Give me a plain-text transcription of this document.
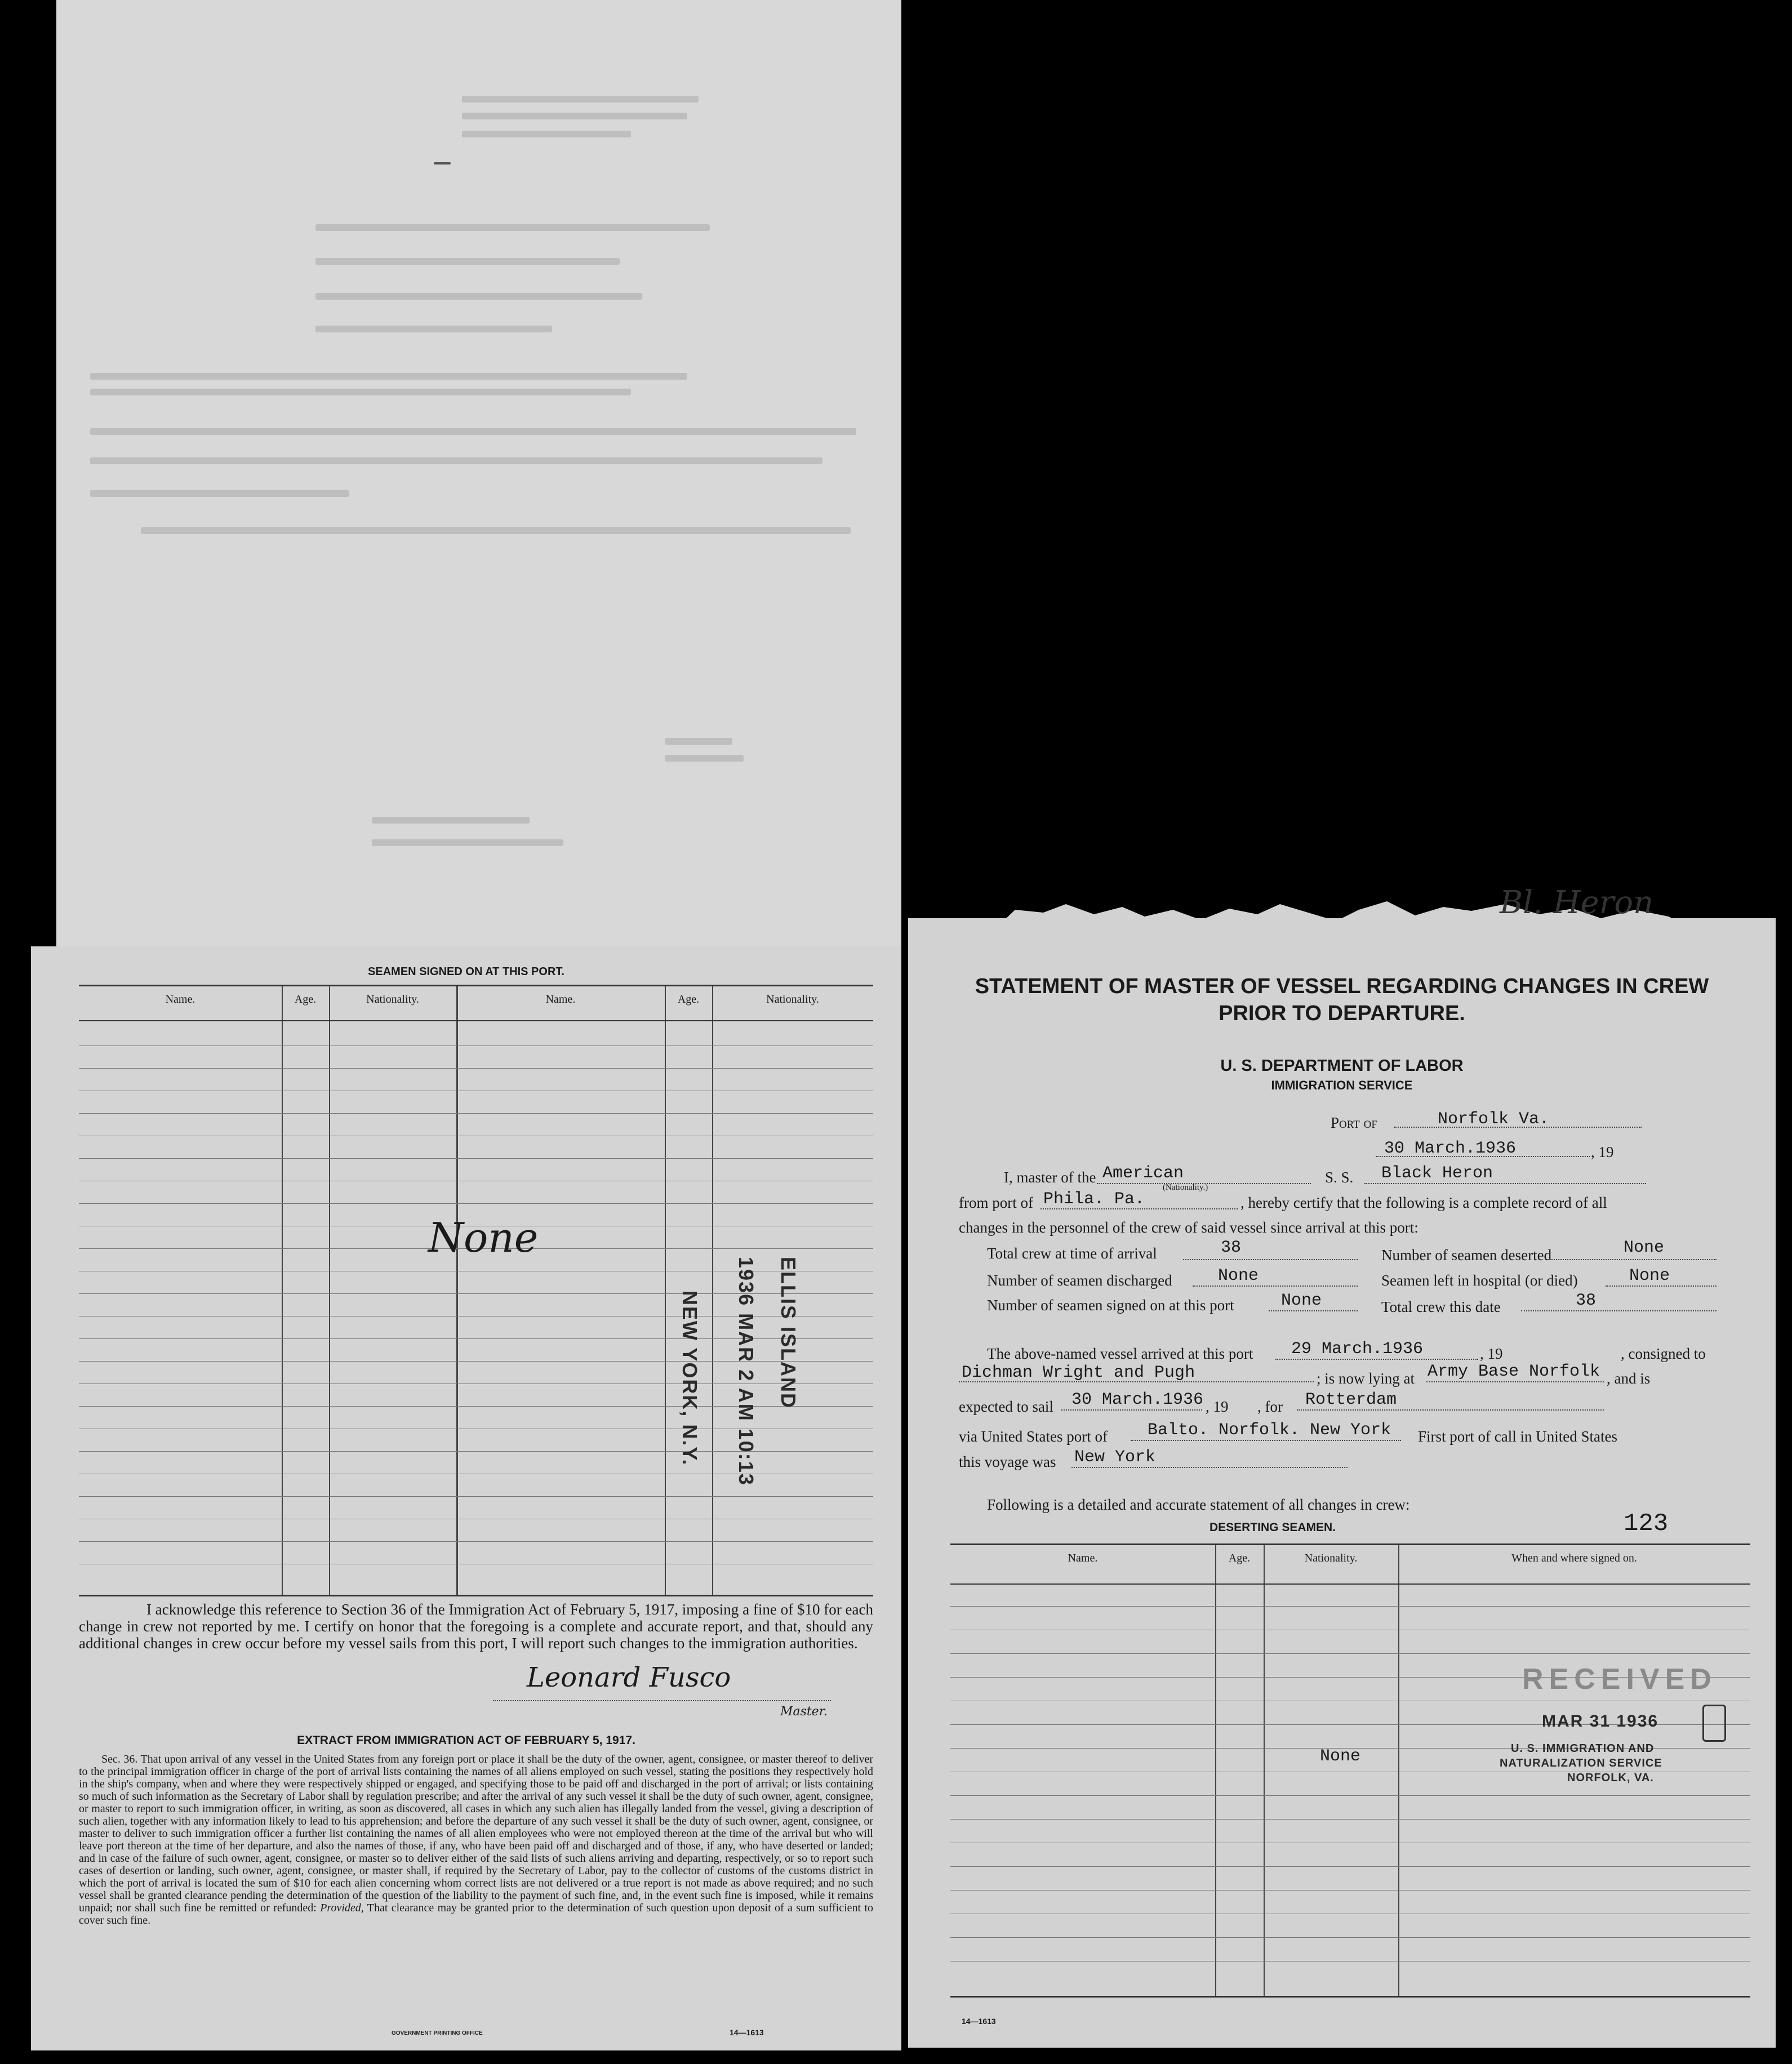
SEAMEN SIGNED ON AT THIS PORT.
Name.	Age.	Nationality.	Name.	Age.	Nationality.
None
ELLIS ISLAND
1936 MAR 2 AM 10:13
NEW YORK, N.Y.
I acknowledge this reference to Section 36 of the Immigration Act of February 5, 1917, imposing a fine of $10 for each change in crew not reported by me. I certify on honor that the foregoing is a complete and accurate report, and that, should any additional changes in crew occur before my vessel sails from this port, I will report such changes to the immigration authorities.
Leonard Fusco
Master.
EXTRACT FROM IMMIGRATION ACT OF FEBRUARY 5, 1917.
Sec. 36. That upon arrival of any vessel in the United States from any foreign port or place it shall be the duty of the owner, agent, consignee, or master thereof to deliver to the principal immigration officer in charge of the port of arrival lists containing the names of all aliens employed on such vessel, stating the positions they respectively hold in the ship's company, when and where they were respectively shipped or engaged, and specifying those to be paid off and discharged in the port of arrival; or lists containing so much of such information as the Secretary of Labor shall by regulation prescribe; and after the arrival of any such vessel it shall be the duty of such owner, agent, consignee, or master to report to such immigration officer, in writing, as soon as discovered, all cases in which any such alien has illegally landed from the vessel, giving a description of such alien, together with any information likely to lead to his apprehension; and before the departure of any such vessel it shall be the duty of such owner, agent, consignee, or master to deliver to such immigration officer a further list containing the names of all alien employees who were not employed thereon at the time of the arrival but who will leave port thereon at the time of her departure, and also the names of those, if any, who have been paid off and discharged and of those, if any, who have deserted or landed; and in case of the failure of such owner, agent, consignee, or master so to deliver either of the said lists of such aliens arriving and departing, respectively, or so to report such cases of desertion or landing, such owner, agent, consignee, or master shall, if required by the Secretary of Labor, pay to the collector of customs of the customs district in which the port of arrival is located the sum of $10 for each alien concerning whom correct lists are not delivered or a true report is not made as above required; and no such vessel shall be granted clearance pending the determination of the question of the liability to the payment of such fine, and, in the event such fine is imposed, while it remains unpaid; nor shall such fine be remitted or refunded: Provided, That clearance may be granted prior to the determination of such question upon deposit of a sum sufficient to cover such fine.
GOVERNMENT PRINTING OFFICE	14—1613
Bl. Heron
STATEMENT OF MASTER OF VESSEL REGARDING CHANGES IN CREW
PRIOR TO DEPARTURE.
U. S. DEPARTMENT OF LABOR
IMMIGRATION SERVICE
Port of	Norfolk Va.
30 March.1936	, 19
I, master of the American
(Nationality.)
S. S. Black Heron
from port of Phila. Pa.	, hereby certify that the following is a complete record of all
changes in the personnel of the crew of said vessel since arrival at this port:
Total crew at time of arrival	38	Number of seamen deserted	None
Number of seamen discharged	None	Seamen left in hospital (or died)	None
Number of seamen signed on at this port	None	Total crew this date	38
The above-named vessel arrived at this port 29 March.1936	, 19	, consigned to
Dichman Wright and Pugh	; is now lying at Army Base Norfolk , and is
expected to sail 30 March.1936 , 19 , for Rotterdam
via United States port of Balto. Norfolk. New York First port of call in United States
this voyage was New York
Following is a detailed and accurate statement of all changes in crew:
DESERTING SEAMEN.	123
Name.	Age.	Nationality.	When and where signed on.
None
RECEIVED
MAR 31 1936
U. S. IMMIGRATION AND
NATURALIZATION SERVICE
NORFOLK, VA.
14—1613
